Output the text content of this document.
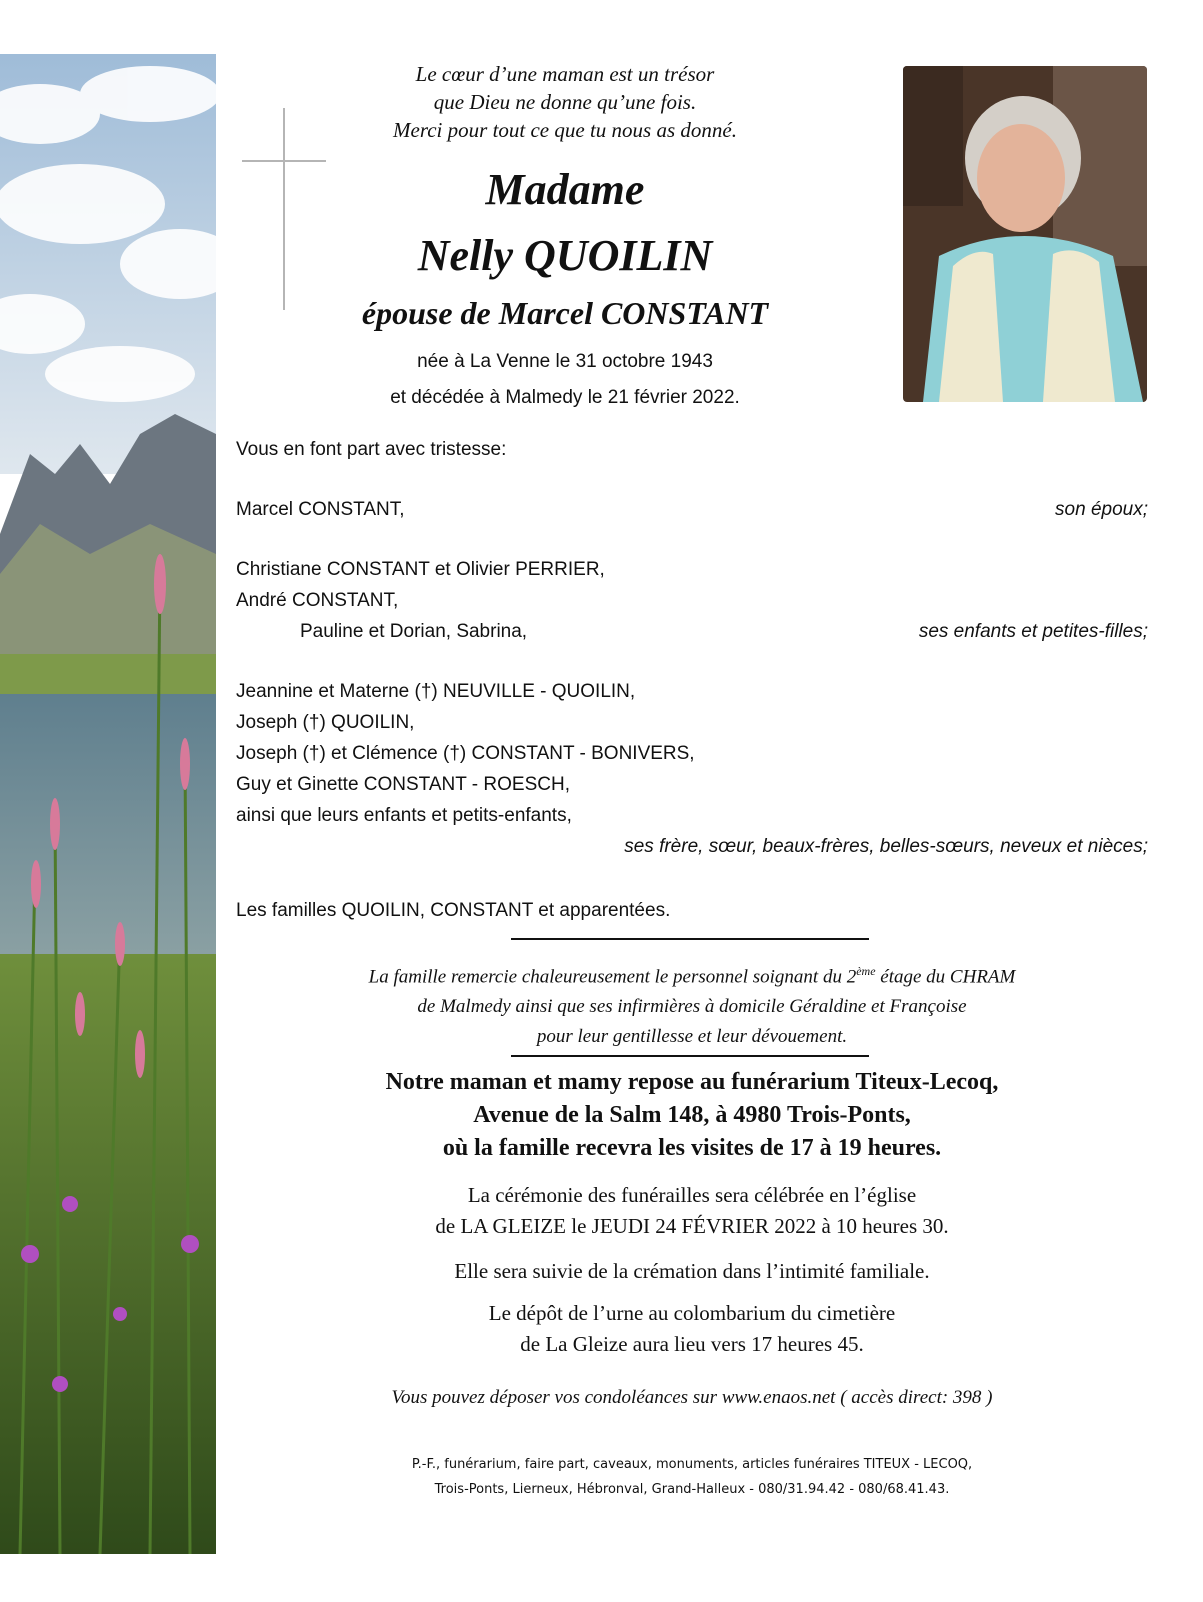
Le cœur d’une maman est un trésor
que Dieu ne donne qu’une fois.
Merci pour tout ce que tu nous as donné.
Madame
Nelly QUOILIN
épouse de Marcel CONSTANT
née à La Venne le 31 octobre 1943
et décédée à Malmedy le 21 février 2022.
Vous en font part avec tristesse:
Marcel CONSTANT,	son époux;
Christiane CONSTANT et Olivier PERRIER,
André CONSTANT,
Pauline et Dorian, Sabrina,	ses enfants et petites-filles;
Jeannine et Materne (†) NEUVILLE - QUOILIN,
Joseph (†) QUOILIN,
Joseph (†) et Clémence (†) CONSTANT - BONIVERS,
Guy et Ginette CONSTANT - ROESCH,
ainsi que leurs enfants et petits-enfants,
ses frère, sœur, beaux-frères, belles-sœurs, neveux et nièces;
Les familles QUOILIN, CONSTANT et apparentées.
La famille remercie chaleureusement le personnel soignant du 2ème étage du CHRAM
de Malmedy ainsi que ses infirmières à domicile Géraldine et Françoise
pour leur gentillesse et leur dévouement.
Notre maman et mamy repose au funérarium Titeux-Lecoq,
Avenue de la Salm 148, à 4980 Trois-Ponts,
où la famille recevra les visites de 17 à 19 heures.
La cérémonie des funérailles sera célébrée en l’église
de LA GLEIZE le JEUDI 24 FÉVRIER 2022 à 10 heures 30.
Elle sera suivie de la crémation dans l’intimité familiale.
Le dépôt de l’urne au colombarium du cimetière
de La Gleize aura lieu vers 17 heures 45.
Vous pouvez déposer vos condoléances sur www.enaos.net ( accès direct: 398 )
P.-F., funérarium, faire part, caveaux, monuments, articles funéraires TITEUX - LECOQ,
Trois-Ponts, Lierneux, Hébronval, Grand-Halleux - 080/31.94.42 - 080/68.41.43.
